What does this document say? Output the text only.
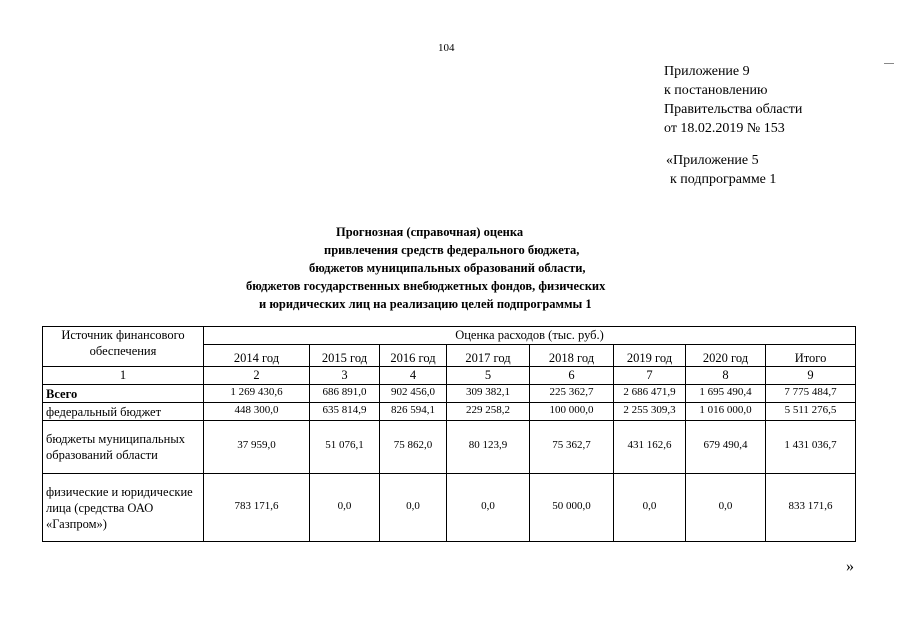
104
Приложение 9
к постановлению
Правительства области
от 18.02.2019 № 153
«Приложение 5
к подпрограмме 1
Прогнозная (справочная) оценка
привлечения средств федерального бюджета,
бюджетов муниципальных образований области,
бюджетов государственных внебюджетных фондов, физических
и юридических лиц на реализацию целей подпрограммы 1
Источник финансового обеспечения	Оценка расходов (тыс. руб.)							
	2014 год	2015 год	2016 год	2017 год	2018 год	2019 год	2020 год	Итого
1	2	3	4	5	6	7	8	9
Всего	1 269 430,6	686 891,0	902 456,0	309 382,1	225 362,7	2 686 471,9	1 695 490,4	7 775 484,7
федеральный бюджет	448 300,0	635 814,9	826 594,1	229 258,2	100 000,0	2 255 309,3	1 016 000,0	5 511 276,5
бюджеты муниципальных образований области	37 959,0	51 076,1	75 862,0	80 123,9	75 362,7	431 162,6	679 490,4	1 431 036,7
физические и юридические лица (средства ОАО «Газпром»)	783 171,6	0,0	0,0	0,0	50 000,0	0,0	0,0	833 171,6
»
